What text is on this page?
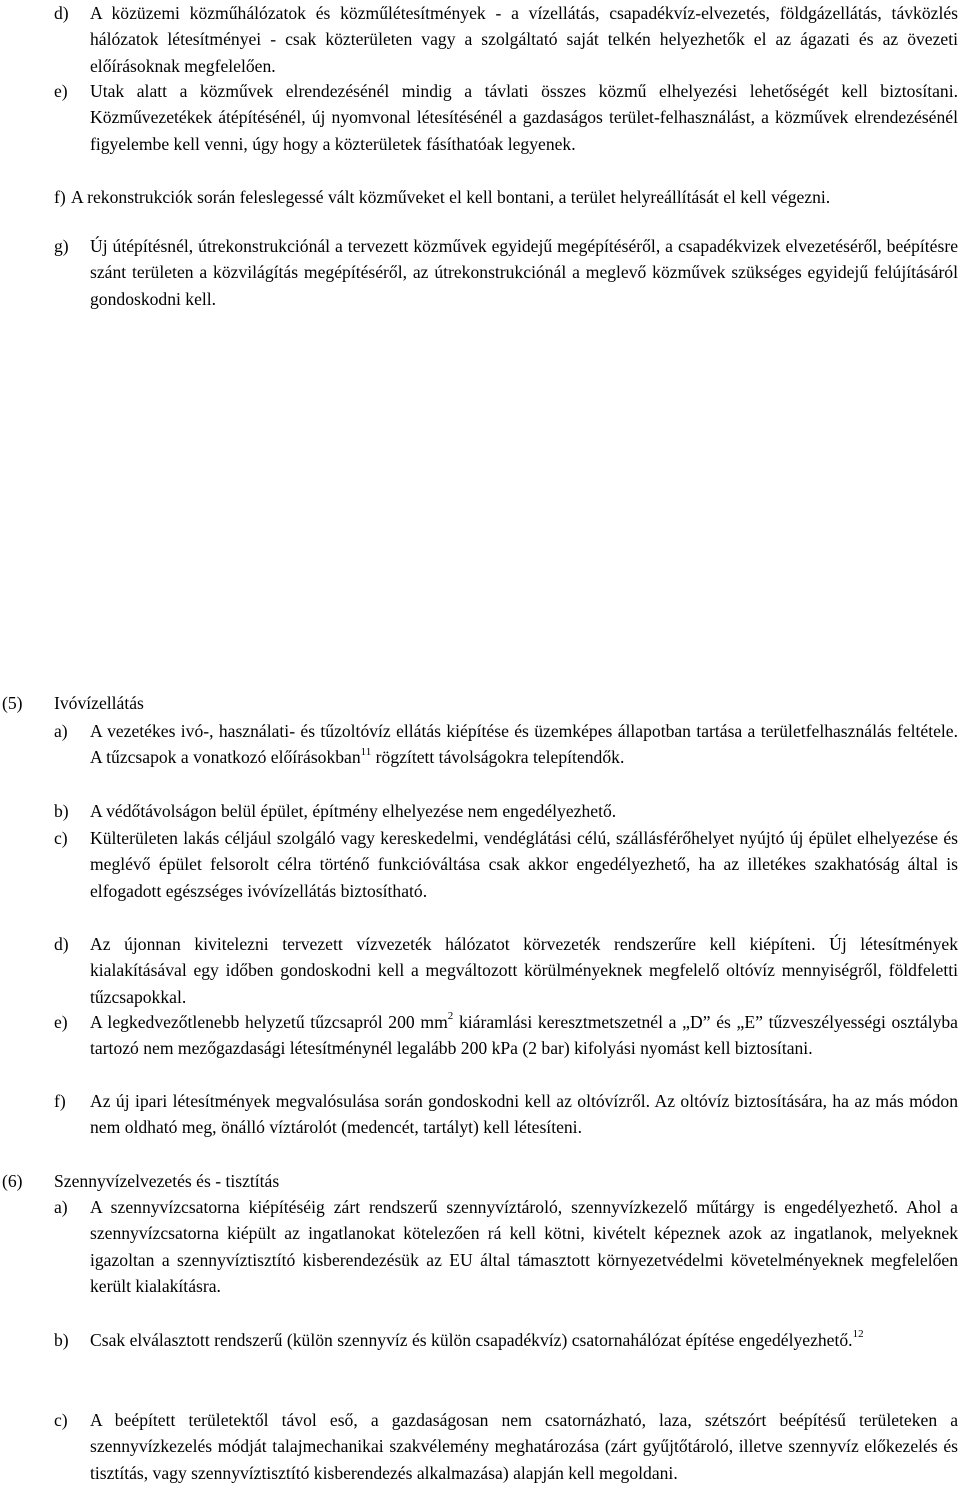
d) A közüzemi közműhálózatok és közműlétesítmények - a vízellátás, csapadékvíz-elvezetés, földgázellátás, távközlés hálózatok létesítményei - csak közterületen vagy a szolgáltató saját telkén helyezhetők el az ágazati és az övezeti előírásoknak megfelelően.
e) Utak alatt a közművek elrendezésénél mindig a távlati összes közmű elhelyezési lehetőségét kell biztosítani. Közművezetékek átépítésénél, új nyomvonal létesítésénél a gazdaságos terület-felhasználást, a közművek elrendezésénél figyelembe kell venni, úgy hogy a közterületek fásíthatóak legyenek.
f) A rekonstrukciók során feleslegessé vált közműveket el kell bontani, a terület helyreállítását el kell végezni.
g) Új útépítésnél, útrekonstrukciónál a tervezett közművek egyidejű megépítéséről, a csapadékvizek elvezetéséről, beépítésre szánt területen a közvilágítás megépítéséről, az útrekonstrukciónál a meglevő közművek szükséges egyidejű felújításáról gondoskodni kell.
(5) Ivóvízellátás
a) A vezetékes ivó-, használati- és tűzoltóvíz ellátás kiépítése és üzemképes állapotban tartása a területfelhasználás feltétele. A tűzcsapok a vonatkozó előírásokban$^{11}$ rögzített távolságokra telepítendők.
b) A védőtávolságon belül épület, építmény elhelyezése nem engedélyezhető.
c) Külterületen lakás céljául szolgáló vagy kereskedelmi, vendéglátási célú, szállásférőhelyet nyújtó új épület elhelyezése és meglévő épület felsorolt célra történő funkcióváltása csak akkor engedélyezhető, ha az illetékes szakhatóság által is elfogadott egészséges ivóvízellátás biztosítható.
d) Az újonnan kivitelezni tervezett vízvezeték hálózatot körvezeték rendszerűre kell kiépíteni. Új létesítmények kialakításával egy időben gondoskodni kell a megváltozott körülményeknek megfelelő oltóvíz mennyiségről, földfeletti tűzcsapokkal.
e) A legkedvezőtlenebb helyzetű tűzcsapról 200 $mm^2$ kiáramlási keresztmetszetnél a „D” és „E” tűzveszélyességi osztályba tartozó nem mezőgazdasági létesítménynél legalább 200 kPa (2 bar) kifolyási nyomást kell biztosítani.
f) Az új ipari létesítmények megvalósulása során gondoskodni kell az oltóvízről. Az oltóvíz biztosítására, ha az más módon nem oldható meg, önálló víztárolót (medencét, tartályt) kell létesíteni.
(6) Szennyvízelvezetés és - tisztítás
a) A szennyvízcsatorna kiépítéséig zárt rendszerű szennyvíztároló, szennyvízkezelő műtárgy is engedélyezhető. Ahol a szennyvízcsatorna kiépült az ingatlanokat kötelezően rá kell kötni, kivételt képeznek azok az ingatlanok, melyeknek igazoltan a szennyvíztisztító kisberendezésük az EU által támasztott környezetvédelmi követelményeknek megfelelően került kialakításra.
b) Csak elválasztott rendszerű (külön szennyvíz és külön csapadékvíz) csatornahálózat építése engedélyezhető.$^{12}$
c) A beépített területektől távol eső, a gazdaságosan nem csatornázható, laza, szétszórt beépítésű területeken a szennyvízkezelés módját talajmechanikai szakvélemény meghatározása (zárt gyűjtőtároló, illetve szennyvíz előkezelés és tisztítás, vagy szennyvíztisztító kisberendezés alkalmazása) alapján kell megoldani.
